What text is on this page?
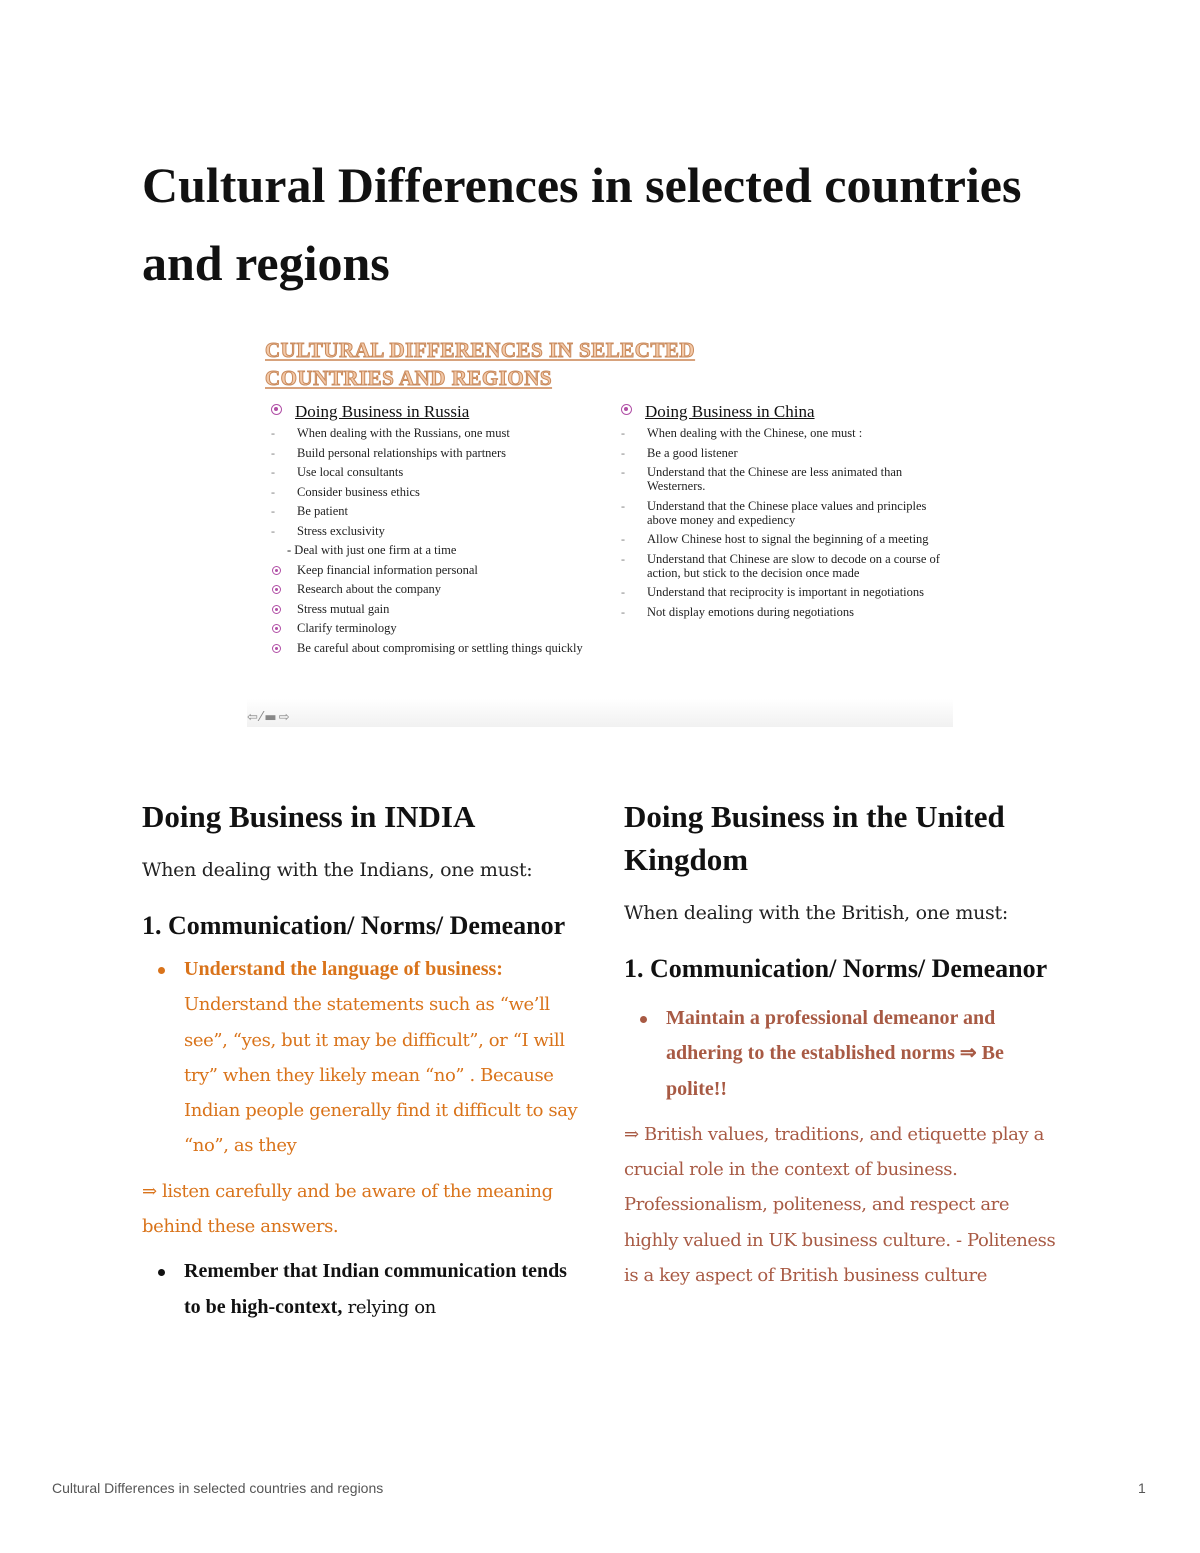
Cultural Differences in selected countries and regions
CULTURAL DIFFERENCES IN SELECTED
COUNTRIES AND REGIONS
Doing Business in Russia
- When dealing with the Russians, one must
- Build personal relationships with partners
- Use local consultants
- Consider business ethics
- Be patient
- Stress exclusivity
- Deal with just one firm at a time
Keep financial information personal
Research about the company
Stress mutual gain
Clarify terminology
Be careful about compromising or settling things quickly
Doing Business in China
- When dealing with the Chinese, one must :
- Be a good listener
- Understand that the Chinese are less animated than Westerners.
- Understand that the Chinese place values and principles above money and expediency
- Allow Chinese host to signal the beginning of a meeting
- Understand that Chinese are slow to decode on a course of action, but stick to the decision once made
- Understand that reciprocity is important in negotiations
- Not display emotions during negotiations
⇦ ⁄ ▬ ⇨
Doing Business in INDIA

When dealing with the Indians, one must:

1. Communication/ Norms/ Demeanor
Understand the language of business: Understand the statements such as “we’ll see”, “yes, but it may be difficult”, or “I will try” when they likely mean “no” . Because Indian people generally find it difficult to say “no”, as they

⇒ listen carefully and be aware of the meaning behind these answers.

Remember that Indian communication tends to be high-context, relying on
Doing Business in the United Kingdom

When dealing with the British, one must:

1. Communication/ Norms/ Demeanor
Maintain a professional demeanor and adhering to the established norms ⇒ Be polite!!

⇒ British values, traditions, and etiquette play a crucial role in the context of business. Professionalism, politeness, and respect are highly valued in UK business culture. - Politeness is a key aspect of British business culture

Cultural Differences in selected countries and regions	1
